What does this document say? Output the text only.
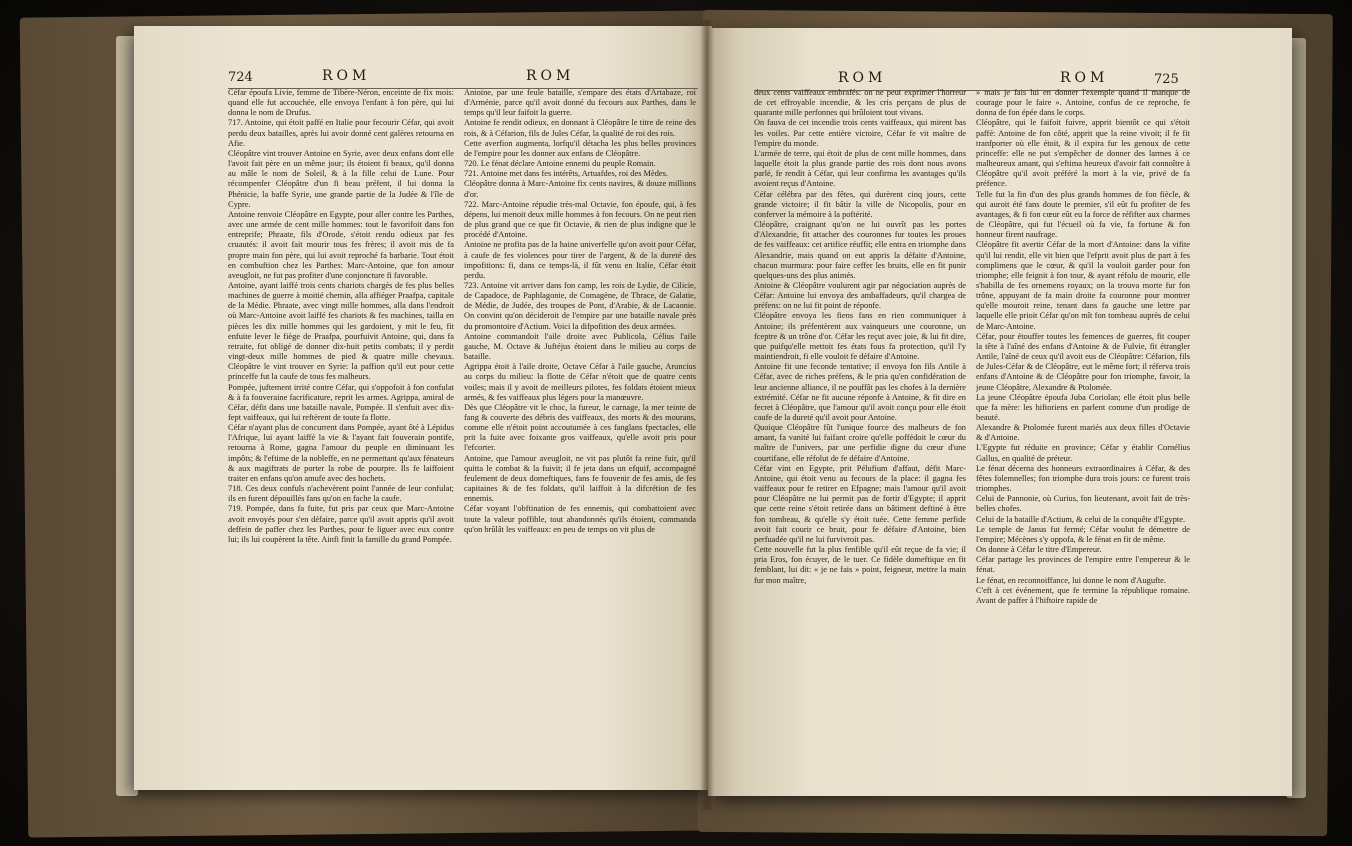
724	ROM	ROM
Céfar époufa Livie, femme de Tibère-Néron, enceinte de fix mois: quand elle fut accouchée, elle envoya l'enfant à fon père, qui lui donna le nom de Drufus.
717. Antoine, qui étoit paffé en Italie pour fecourir Céfar, qui avoit perdu deux batailles, après lui avoir donné cent galères retourna en Afie.
Cléopâtre vint trouver Antoine en Syrie, avec deux enfans dont elle l'avoit fait père en un même jour; ils étoient fi beaux, qu'il donna au mâle le nom de Soleil, & à la fille celui de Lune. Pour récompenfer Cléopâtre d'un fi beau préfent, il lui donna la Phénicie, la baffe Syrie, une grande partie de la Judée & l'île de Cypre.
Antoine renvoie Cléopâtre en Egypte, pour aller contre les Parthes, avec une armée de cent mille hommes: tout le favorifoit dans fon entreprife; Phraate, fils d'Orode, s'étoit rendu odieux par fes cruautés: il avoit fait mourir tous fes frères; il avoit mis de fa propre main fon père, qui lui avoit reproché fa barbarie. Tout étoit en combuftion chez les Parthes: Marc-Antoine, que fon amour aveugloit, ne fut pas profiter d'une conjoncture fi favorable.
Antoine, ayant laiffé trois cents chariots chargés de fes plus belles machines de guerre à moitié chemin, alla affiéger Praafpa, capitale de la Médie. Phraate, avec vingt mille hommes, alla dans l'endroit où Marc-Antoine avoit laiffé fes chariots & fes machines, tailla en pièces les dix mille hommes qui les gardoient, y mit le feu, fit enfuite lever le fiège de Praafpa, pourfuivit Antoine, qui, dans fa retraite, fut obligé de donner dix-huit petits combats; il y perdit vingt-deux mille hommes de pied & quatre mille chevaux. Cléopâtre le vint trouver en Syrie: la paffion qu'il eut pour cette princeffe fut la caufe de tous fes malheurs.
Pompée, juftement irrité contre Céfar, qui s'oppofoit à fon confulat & à fa fouveraine facrificature, reprit les armes. Agrippa, amiral de Céfar, défit dans une bataille navale, Pompée. Il s'enfuit avec dix-fept vaiffeaux, qui lui reftèrent de toute fa flotte.
Céfar n'ayant plus de concurrent dans Pompée, ayant ôté à Lépidus l'Afrique, lui ayant laiffé la vie & l'ayant fait fouverain pontife, retourna à Rome, gagna l'amour du peuple en diminuant les impôts; & l'eftime de la nobleffe, en ne permettant qu'aux fénateurs & aux magiftrats de porter la robe de pourpre. Ils fe laiffoient traiter en enfans qu'on amufe avec des hochets.
718. Ces deux confuls n'achevèrent point l'année de leur confulat; ils en furent dépouillés fans qu'on en fache la caufe.
719. Pompée, dans fa fuite, fut pris par ceux que Marc-Antoine avoit envoyés pour s'en défaire, parce qu'il avoit appris qu'il avoit deffein de paffer chez les Parthes, pour fe liguer avec eux contre lui; ils lui coupèrent la tête. Ainfi finit la famille du grand Pompée.
Antoine, par une feule bataille, s'empare des états d'Artabaze, roi d'Arménie, parce qu'il avoit donné du fecours aux Parthes, dans le temps qu'il leur faifoit la guerre.
Antoine fe rendit odieux, en donnant à Cléopâtre le titre de reine des rois, & à Céfarion, fils de Jules Céfar, la qualité de roi des rois.
Cette averfion augmenta, lorfqu'il détacha les plus belles provinces de l'empire pour les donner aux enfans de Cléopâtre.
720. Le fénat déclare Antoine ennemi du peuple Romain.
721. Antoine met dans fes intérêts, Artuafdes, roi des Mèdes.
Cléopâtre donna à Marc-Antoine fix cents navires, & douze millions d'or.
722. Marc-Antoine répudie très-mal Octavie, fon époufe, qui, à fes dépens, lui menoit deux mille hommes à fon fecours. On ne peut rien de plus grand que ce que fit Octavie, & rien de plus indigne que le procédé d'Antoine.
Antoine ne profita pas de la haine univerfelle qu'on avoit pour Céfar, à caufe de fes violences pour tirer de l'argent, & de la dureté des impofitions: fi, dans ce temps-là, il fût venu en Italie, Céfar étoit perdu.
723. Antoine vit arriver dans fon camp, les rois de Lydie, de Cilicie, de Capadoce, de Paphlagonie, de Comagène, de Thrace, de Galatie, de Médie, de Judée, des troupes de Pont, d'Arabie, & de Lacaonie. On convint qu'on décideroit de l'empire par une bataille navale près du promontoire d'Actium. Voici la difpofition des deux armées.
Antoine commandoit l'aile droite avec Publicola, Célius l'aile gauche, M. Octave & Juftéjus étoient dans le milieu au corps de bataille.
Agrippa étoit à l'aile droite, Octave Céfar à l'aile gauche, Aruncius au corps du milieu: la flotte de Céfar n'étoit que de quatre cents voiles; mais il y avoit de meilleurs pilotes, fes foldats étoient mieux armés, & fes vaiffeaux plus légers pour la manœuvre.
Dès que Cléopâtre vit le choc, la fureur, le carnage, la mer teinte de fang & couverte des débris des vaiffeaux, des morts & des mourans, comme elle n'étoit point accoutumée à ces fanglans fpectacles, elle prit la fuite avec foixante gros vaiffeaux, qu'elle avoit pris pour l'efcorter.
Antoine, que l'amour aveugloit, ne vit pas plutôt fa reine fuir, qu'il quitta le combat & la fuivit; il fe jeta dans un efquif, accompagné feulement de deux domeftiques, fans fe fouvenir de fes amis, de fes capitaines & de fes foldats, qu'il laiffoit à la difcrétion de fes ennemis.
Céfar voyant l'obftination de fes ennemis, qui combattoient avec toute la valeur poffible, tout abandonnés qu'ils étoient, commanda qu'on brûlât les vaiffeaux: en peu de temps on vit plus de
ROM	ROM	725
deux cents vaiffeaux embrafés: on ne peut exprimer l'horreur de cet effroyable incendie, & les cris perçans de plus de quarante mille perfonnes qui brûloient tout vivans.
On fauva de cet incendie trois cents vaiffeaux, qui mirent bas les voiles. Par cette entière victoire, Céfar fe vit maître de l'empire du monde.
L'armée de terre, qui étoit de plus de cent mille hommes, dans laquelle étoit la plus grande partie des rois dont nous avons parlé, fe rendit à Céfar, qui leur confirma les avantages qu'ils avoient reçus d'Antoine.
Céfar célébra par des fêtes, qui durèrent cinq jours, cette grande victoire; il fit bâtir la ville de Nicopolis, pour en conferver la mémoire à la poftérité.
Cléopâtre, craignant qu'on ne lui ouvrît pas les portes d'Alexandrie, fit attacher des couronnes fur toutes les proues de fes vaiffeaux: cet artifice réuffit; elle entra en triomphe dans Alexandrie, mais quand on eut appris la défaite d'Antoine, chacun murmura: pour faire ceffer les bruits, elle en fit punir quelques-uns des plus animés.
Antoine & Cléopâtre voulurent agir par négociation auprès de Céfar: Antoine lui envoya des ambaffadeurs, qu'il chargea de préfens: on ne lui fit point de réponfe.
Cléopâtre envoya les fiens fans en rien communiquer à Antoine; ils préfentèrent aux vainqueurs une couronne, un fceptre & un trône d'or. Céfar les reçut avec joie, & lui fit dire, que puifqu'elle mettoit fes états fous fa protection, qu'il l'y maintiendroit, fi elle vouloit fe défaire d'Antoine.
Antoine fit une feconde tentative; il envoya fon fils Antile à Céfar, avec de riches préfens, & le pria qu'en confidération de leur ancienne alliance, il ne pouffât pas les chofes à la dernière extrémité. Céfar ne fit aucune réponfe à Antoine, & fit dire en fecret à Cléopâtre, que l'amour qu'il avoit conçu pour elle étoit caufe de la dureté qu'il avoit pour Antoine.
Quoique Cléopâtre fût l'unique fource des malheurs de fon amant, fa vanité lui faifant croire qu'elle poffédoit le cœur du maître de l'univers, par une perfidie digne du cœur d'une courtifane, elle réfolut de fe défaire d'Antoine.
Céfar vint en Egypte, prit Pélufium d'affaut, défit Marc-Antoine, qui étoit venu au fecours de la place: il gagna fes vaiffeaux pour fe retirer en Efpagne; mais l'amour qu'il avoit pour Cléopâtre ne lui permit pas de fortir d'Egypte; il apprit que cette reine s'étoit retirée dans un bâtiment deftiné à être fon tombeau, & qu'elle s'y étoit tuée. Cette femme perfide avoit fait courir ce bruit, pour fe défaire d'Antoine, bien perfuadée qu'il ne lui furvivroit pas.
Cette nouvelle fut la plus fenfible qu'il eût reçue de fa vie; il pria Eros, fon écuyer, de le tuer. Ce fidèle domeftique en fit femblant, lui dit: « je ne fais » point, feigneur, mettre la main fur mon maître,
» mais je fais lui en donner l'exemple quand il manque de courage pour le faire ». Antoine, confus de ce reproche, fe donna de fon épée dans le corps.
Cléopâtre, qui le faifoit fuivre, apprit bientôt ce qui s'étoit paffé: Antoine de fon côté, apprit que la reine vivoit; il fe fit tranfporter où elle étoit, & il expira fur les genoux de cette princeffe: elle ne put s'empêcher de donner des larmes à ce malheureux amant, qui s'eftima heureux d'avoir fait connoître à Cléopâtre qu'il avoit préféré la mort à la vie, privé de fa préfence.
Telle fut la fin d'un des plus grands hommes de fon fiècle, & qui auroit été fans doute le premier, s'il eût fu profiter de fes avantages, & fi fon cœur eût eu la force de réfifter aux charmes de Cléopâtre, qui fut l'écueil où fa vie, fa fortune & fon honneur firent naufrage.
Cléopâtre fit avertir Céfar de la mort d'Antoine: dans la vifite qu'il lui rendit, elle vit bien que l'efprit avoit plus de part à fes complimens que le cœur, & qu'il la vouloit garder pour fon triomphe; elle feignit à fon tour, & ayant réfolu de mourir, elle s'habilla de fes ornemens royaux; on la trouva morte fur fon trône, appuyant de fa main droite fa couronne pour montrer qu'elle mouroit reine, tenant dans fa gauche une lettre par laquelle elle prioit Céfar qu'on mît fon tombeau auprès de celui de Marc-Antoine.
Céfar, pour étouffer toutes les femences de guerres, fit couper la tête à l'aîné des enfans d'Antoine & de Fulvie, fit étrangler Antile, l'aîné de ceux qu'il avoit eus de Cléopâtre: Céfarion, fils de Jules-Céfar & de Cléopâtre, eut le même fort; il réferva trois enfans d'Antoine & de Cléopâtre pour fon triomphe, favoir, la jeune Cléopâtre, Alexandre & Ptolomée.
La jeune Cléopâtre époufa Juba Coriolan; elle étoit plus belle que fa mère: les hiftoriens en parlent comme d'un prodige de beauté.
Alexandre & Ptolomée furent mariés aux deux filles d'Octavie & d'Antoine.
L'Egypte fut réduite en province; Céfar y établir Cornélius Gallus, en qualité de préteur.
Le fénat décerna des honneurs extraordinaires à Céfar, & des fêtes folemnelles; fon triomphe dura trois jours: ce furent trois triomphes.
Celui de Pannonie, où Curius, fon lieutenant, avoit fait de très-belles chofes.
Celui de la bataille d'Actium, & celui de la conquête d'Egypte.
Le temple de Janus fut fermé; Céfar voulut fe démettre de l'empire; Mécènes s'y oppofa, & le fénat en fit de même.
On donne à Céfar le titre d'Empereur.
Céfar partage les provinces de l'empire entre l'empereur & le fénat.
Le fénat, en reconnoiffance, lui donne le nom d'Augufte.
C'eft à cet événement, que fe termine la république romaine. Avant de paffer à l'hiftoire rapide de
